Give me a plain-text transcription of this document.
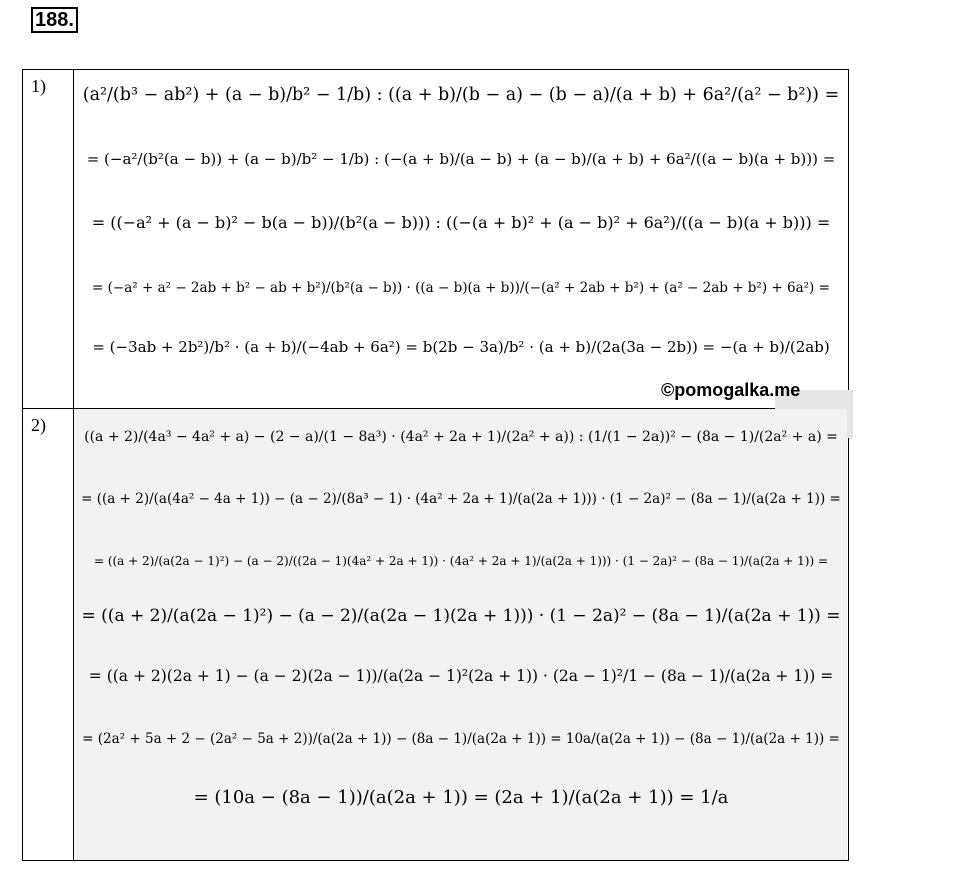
188.
1)	(a²/(b³ − ab²) + (a − b)/b² − 1/b) : ((a + b)/(b − a) − (b − a)/(a + b) + 6a²/(a² − b²)) =
= (−a²/(b²(a − b)) + (a − b)/b² − 1/b) : (−(a + b)/(a − b) + (a − b)/(a + b) + 6a²/((a − b)(a + b))) =
= ((−a² + (a − b)² − b(a − b))/(b²(a − b))) : ((−(a + b)² + (a − b)² + 6a²)/((a − b)(a + b))) =
= (−a² + a² − 2ab + b² − ab + b²)/(b²(a − b)) · ((a − b)(a + b))/(−(a² + 2ab + b²) + (a² − 2ab + b²) + 6a²) =
= (−3ab + 2b²)/b² · (a + b)/(−4ab + 6a²) = b(2b − 3a)/b² · (a + b)/(2a(3a − 2b)) = −(a + b)/(2ab)
©pomogalka.me
2)
((a + 2)/(4a³ − 4a² + a) − (2 − a)/(1 − 8a³) · (4a² + 2a + 1)/(2a² + a)) : (1/(1 − 2a))² − (8a − 1)/(2a² + a) =
= ((a + 2)/(a(4a² − 4a + 1)) − (a − 2)/(8a³ − 1) · (4a² + 2a + 1)/(a(2a + 1))) · (1 − 2a)² − (8a − 1)/(a(2a + 1)) =
= ((a + 2)/(a(2a − 1)²) − (a − 2)/((2a − 1)(4a² + 2a + 1)) · (4a² + 2a + 1)/(a(2a + 1))) · (1 − 2a)² − (8a − 1)/(a(2a + 1)) =
= ((a + 2)/(a(2a − 1)²) − (a − 2)/(a(2a − 1)(2a + 1))) · (1 − 2a)² − (8a − 1)/(a(2a + 1)) =
= ((a + 2)(2a + 1) − (a − 2)(2a − 1))/(a(2a − 1)²(2a + 1)) · (2a − 1)²/1 − (8a − 1)/(a(2a + 1)) =
= (2a² + 5a + 2 − (2a² − 5a + 2))/(a(2a + 1)) − (8a − 1)/(a(2a + 1)) = 10a/(a(2a + 1)) − (8a − 1)/(a(2a + 1)) =
= (10a − (8a − 1))/(a(2a + 1)) = (2a + 1)/(a(2a + 1)) = 1/a
